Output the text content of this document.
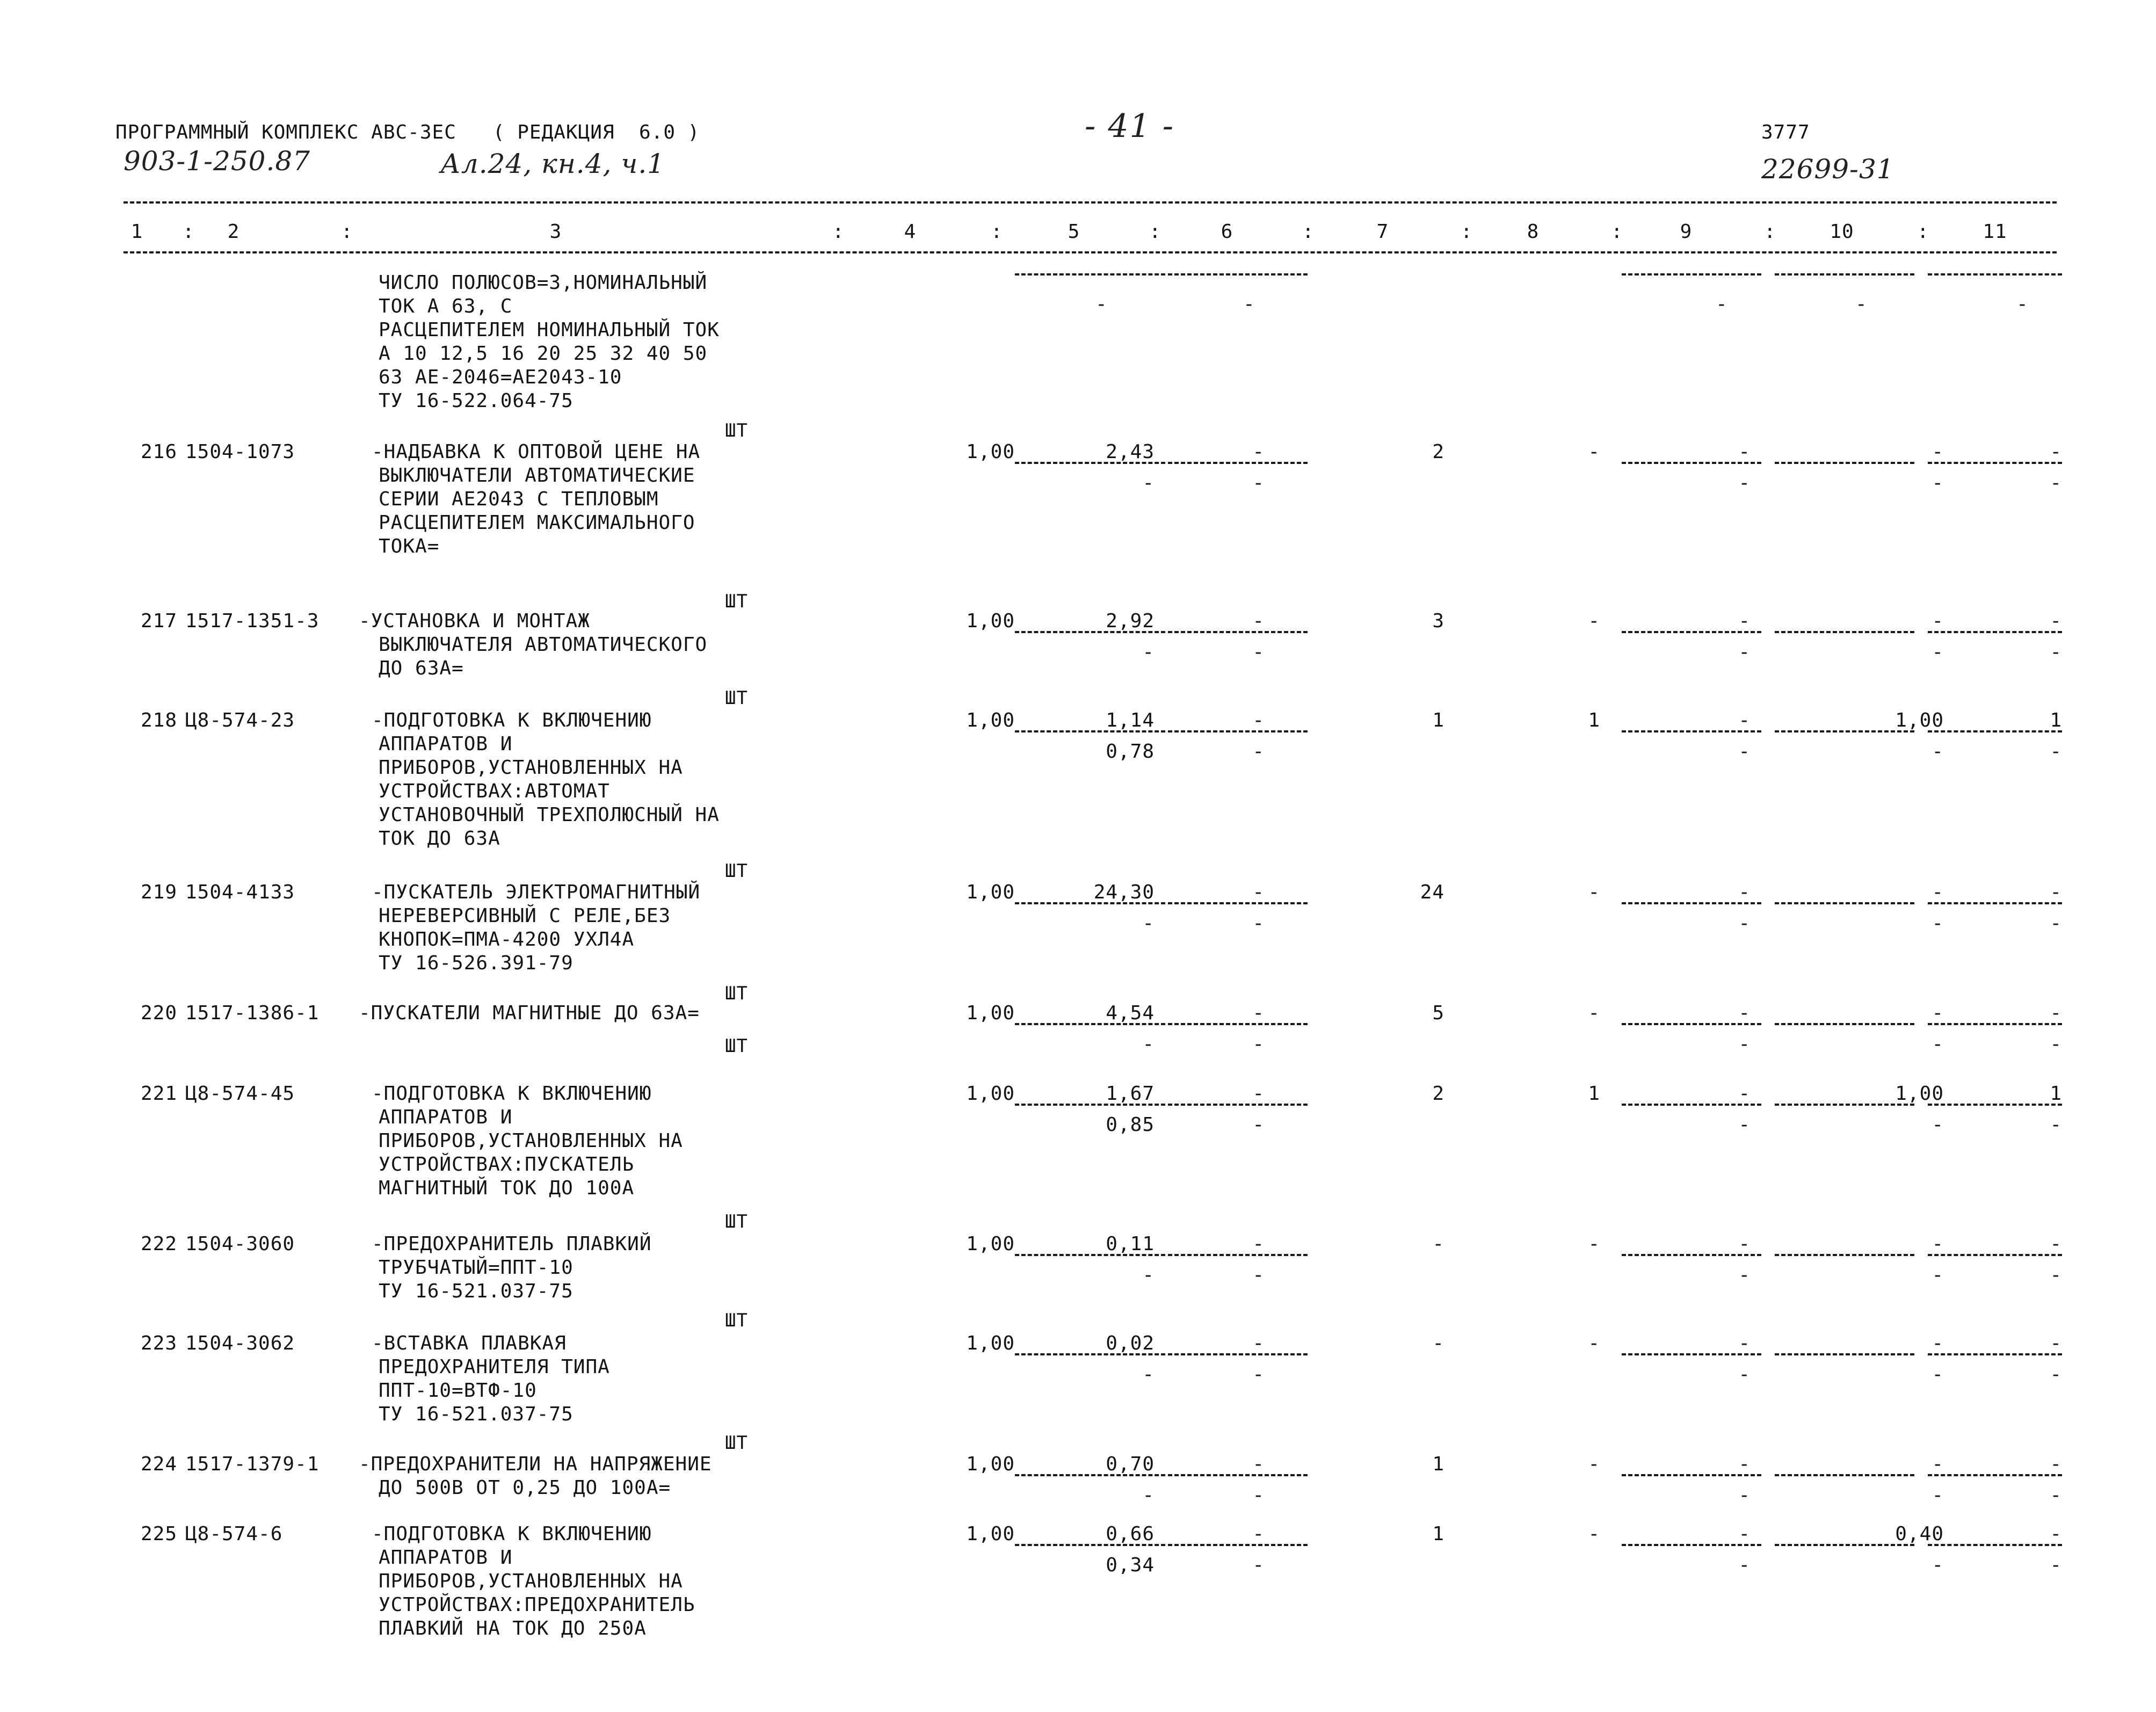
ПРОГРАММНЫЙ КОМПЛЕКС АВС-3ЕС   ( РЕДАКЦИЯ  6.0 )	- 41 -	3777
903-1-250.87	Ал.24, кн.4, ч.1	22699-31
1	2	3	4	5	6	7	8	9	10	11
:	:	:	:	:	:	:	:	:	:
ЧИСЛО ПОЛЮСОВ=3,НОМИНАЛЬНЫЙ
ТОК А 63, С
РАСЦЕПИТЕЛЕМ НОМИНАЛЬНЫЙ ТОК
А 10 12,5 16 20 25 32 40 50
63 АЕ-2046=АЕ2043-10
ТУ 16-522.064-75
-	-	-	-	-
ШТ
216 1504-1073	-НАДБАВКА К ОПТОВОЙ ЦЕНЕ НА
ВЫКЛЮЧАТЕЛИ АВТОМАТИЧЕСКИЕ
СЕРИИ АЕ2043 С ТЕПЛОВЫМ
РАСЦЕПИТЕЛЕМ МАКСИМАЛЬНОГО
ТОКА=
1,00	2,43	-	2	-	-	-	-
-	-	-	-	-
ШТ
217 1517-1351-3 -УСТАНОВКА И МОНТАЖ
ВЫКЛЮЧАТЕЛЯ АВТОМАТИЧЕСКОГО
ДО 63А=
1,00	2,92	-	3	-	-	-	-
-	-	-	-	-
ШТ
218 Ц8-574-23	-ПОДГОТОВКА К ВКЛЮЧЕНИЮ
АППАРАТОВ И
ПРИБОРОВ,УСТАНОВЛЕННЫХ НА
УСТРОЙСТВАХ:АВТОМАТ
УСТАНОВОЧНЫЙ ТРЕХПОЛЮСНЫЙ НА
ТОК ДО 63А
1,00	1,14	-	1	1	-	1,00	1
0,78	-	-	-	-
ШТ
219 1504-4133	-ПУСКАТЕЛЬ ЭЛЕКТРОМАГНИТНЫЙ
НЕРЕВЕРСИВНЫЙ С РЕЛЕ,БЕЗ
КНОПОК=ПМА-4200 УХЛ4А
ТУ 16-526.391-79
1,00	24,30	-	24	-	-	-	-
-	-	-	-	-
ШТ
220 1517-1386-1 -ПУСКАТЕЛИ МАГНИТНЫЕ ДО 63А=	1,00	4,54	-	5	-	-	-	-
-	-	-	-	-
ШТ
221 Ц8-574-45	-ПОДГОТОВКА К ВКЛЮЧЕНИЮ
АППАРАТОВ И
ПРИБОРОВ,УСТАНОВЛЕННЫХ НА
УСТРОЙСТВАХ:ПУСКАТЕЛЬ
МАГНИТНЫЙ ТОК ДО 100А
1,00	1,67	-	2	1	-	1,00	1
0,85	-	-	-	-
ШТ
222 1504-3060	-ПРЕДОХРАНИТЕЛЬ ПЛАВКИЙ
ТРУБЧАТЫЙ=ППТ-10
ТУ 16-521.037-75
1,00	0,11	-	-	-	-	-	-
-	-	-	-	-
ШТ
223 1504-3062	-ВСТАВКА ПЛАВКАЯ
ПРЕДОХРАНИТЕЛЯ ТИПА
ППТ-10=ВТФ-10
ТУ 16-521.037-75
1,00	0,02	-	-	-	-	-	-
-	-	-	-	-
ШТ
224 1517-1379-1 -ПРЕДОХРАНИТЕЛИ НА НАПРЯЖЕНИЕ
ДО 500В ОТ 0,25 ДО 100А=
1,00	0,70	-	1	-	-	-	-
-	-	-	-	-
225 Ц8-574-6	-ПОДГОТОВКА К ВКЛЮЧЕНИЮ
АППАРАТОВ И
ПРИБОРОВ,УСТАНОВЛЕННЫХ НА
УСТРОЙСТВАХ:ПРЕДОХРАНИТЕЛЬ
ПЛАВКИЙ НА ТОК ДО 250А
1,00	0,66	-	1	-	-	0,40	-
0,34	-	-	-	-
